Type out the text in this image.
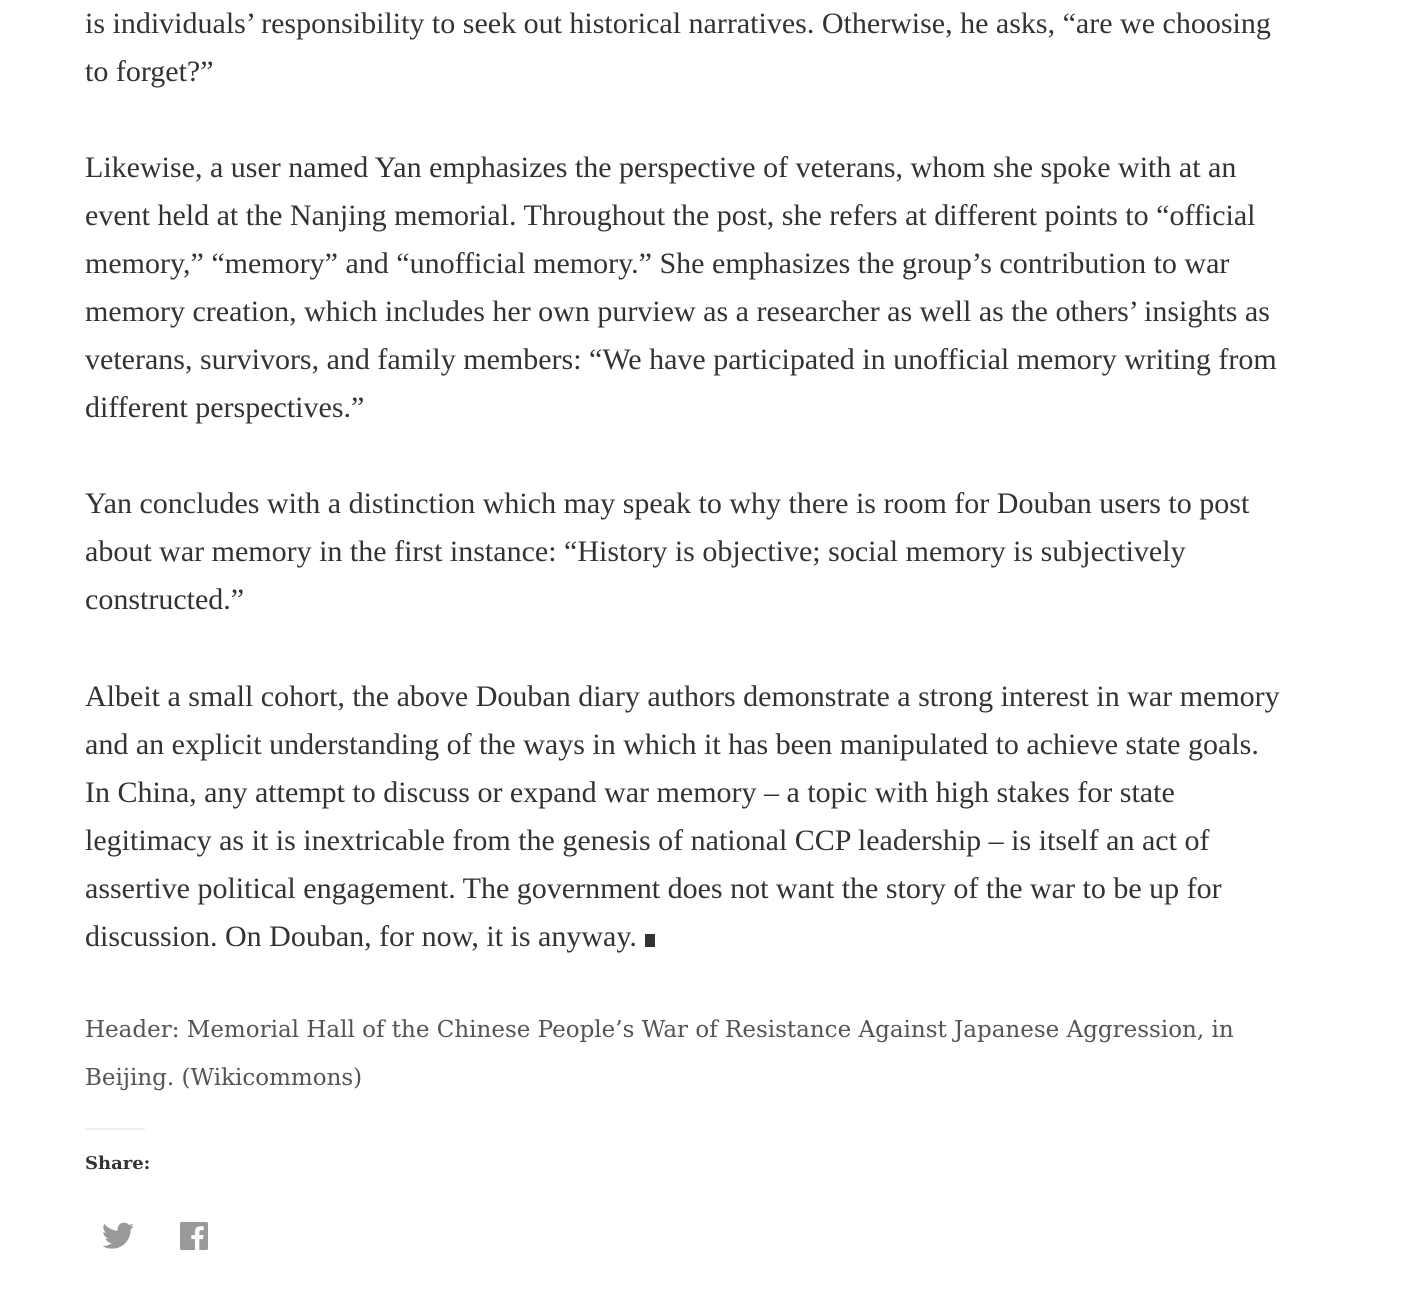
is individuals’ responsibility to seek out historical narratives. Otherwise, he asks, “are we choosing to forget?”

Likewise, a user named Yan emphasizes the perspective of veterans, whom she spoke with at an event held at the Nanjing memorial. Throughout the post, she refers at different points to “official memory,” “memory” and “unofficial memory.” She emphasizes the group’s contribution to war memory creation, which includes her own purview as a researcher as well as the others’ insights as veterans, survivors, and family members: “We have participated in unofficial memory writing from different perspectives.”

Yan concludes with a distinction which may speak to why there is room for Douban users to post about war memory in the first instance: “History is objective; social memory is subjectively constructed.”

Albeit a small cohort, the above Douban diary authors demonstrate a strong interest in war memory and an explicit understanding of the ways in which it has been manipulated to achieve state goals. In China, any attempt to discuss or expand war memory – a topic with high stakes for state legitimacy as it is inextricable from the genesis of national CCP leadership – is itself an act of assertive political engagement. The government does not want the story of the war to be up for discussion. On Douban, for now, it is anyway.

Header: Memorial Hall of the Chinese People’s War of Resistance Against Japanese Aggression, in Beijing. (Wikicommons)

Share:
